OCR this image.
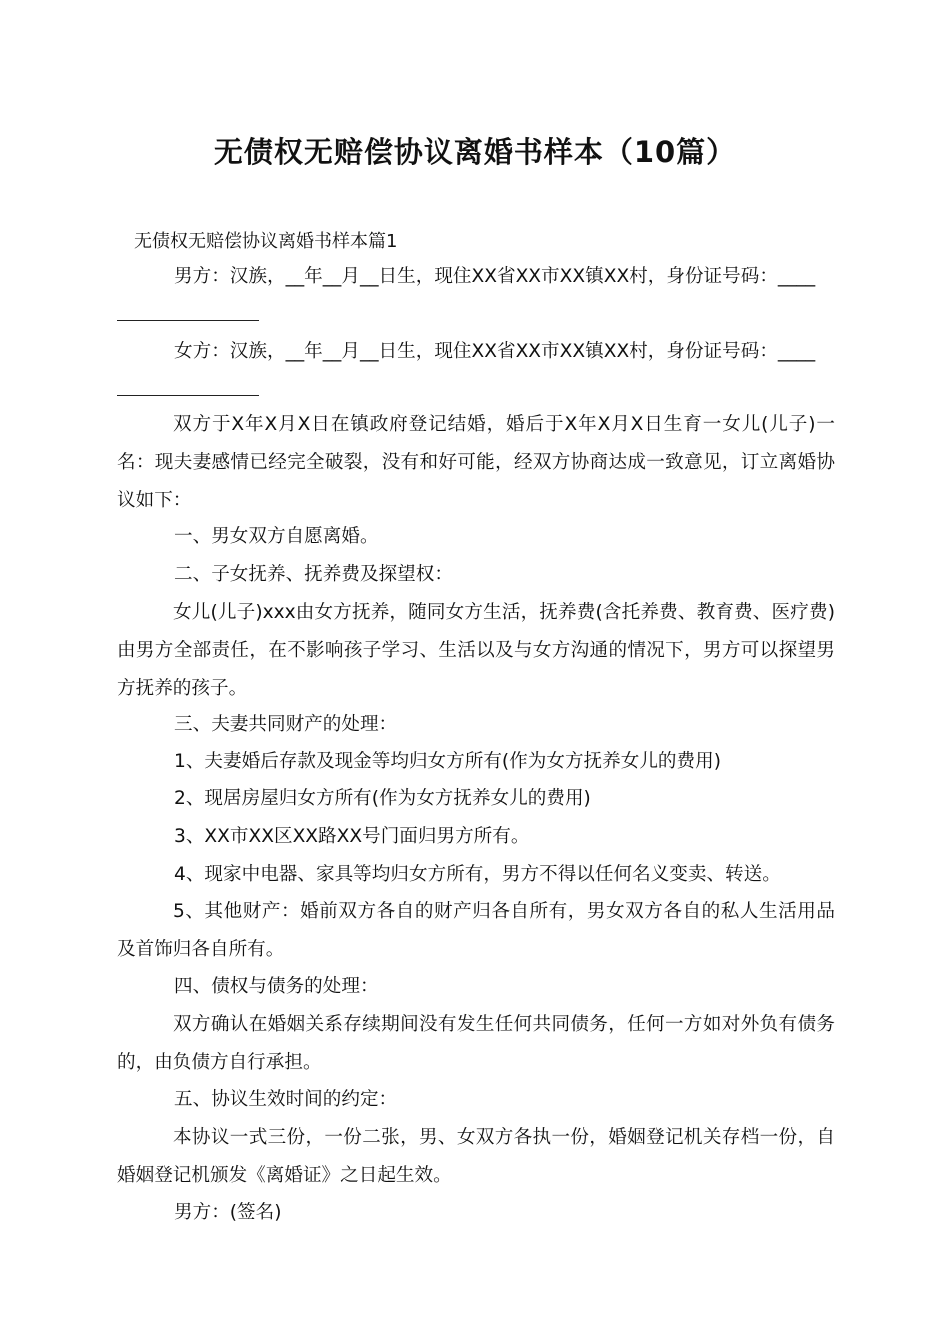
无债权无赔偿协议离婚书样本（10篇）
无债权无赔偿协议离婚书样本篇1
男方：汉族，__年__月__日生，现住XX省XX市XX镇XX村，身份证号码：____
女方：汉族，__年__月__日生，现住XX省XX市XX镇XX村，身份证号码：____

双方于X年X月X日在镇政府登记结婚，婚后于X年X月X日生育一女儿(儿子)一名：现夫妻感情已经完全破裂，没有和好可能，经双方协商达成一致意见，订立离婚协议如下：

一、男女双方自愿离婚。
二、子女抚养、抚养费及探望权：

女儿(儿子)xxx由女方抚养，随同女方生活，抚养费(含托养费、教育费、医疗费)由男方全部责任，在不影响孩子学习、生活以及与女方沟通的情况下，男方可以探望男方抚养的孩子。

三、夫妻共同财产的处理：
1、夫妻婚后存款及现金等均归女方所有(作为女方抚养女儿的费用)
2、现居房屋归女方所有(作为女方抚养女儿的费用)
3、XX市XX区XX路XX号门面归男方所有。
4、现家中电器、家具等均归女方所有，男方不得以任何名义变卖、转送。

5、其他财产：婚前双方各自的财产归各自所有，男女双方各自的私人生活用品及首饰归各自所有。

四、债权与债务的处理：

双方确认在婚姻关系存续期间没有发生任何共同债务，任何一方如对外负有债务的，由负债方自行承担。

五、协议生效时间的约定：

本协议一式三份，一份二张，男、女双方各执一份，婚姻登记机关存档一份，自婚姻登记机颁发《离婚证》之日起生效。

男方：(签名)
